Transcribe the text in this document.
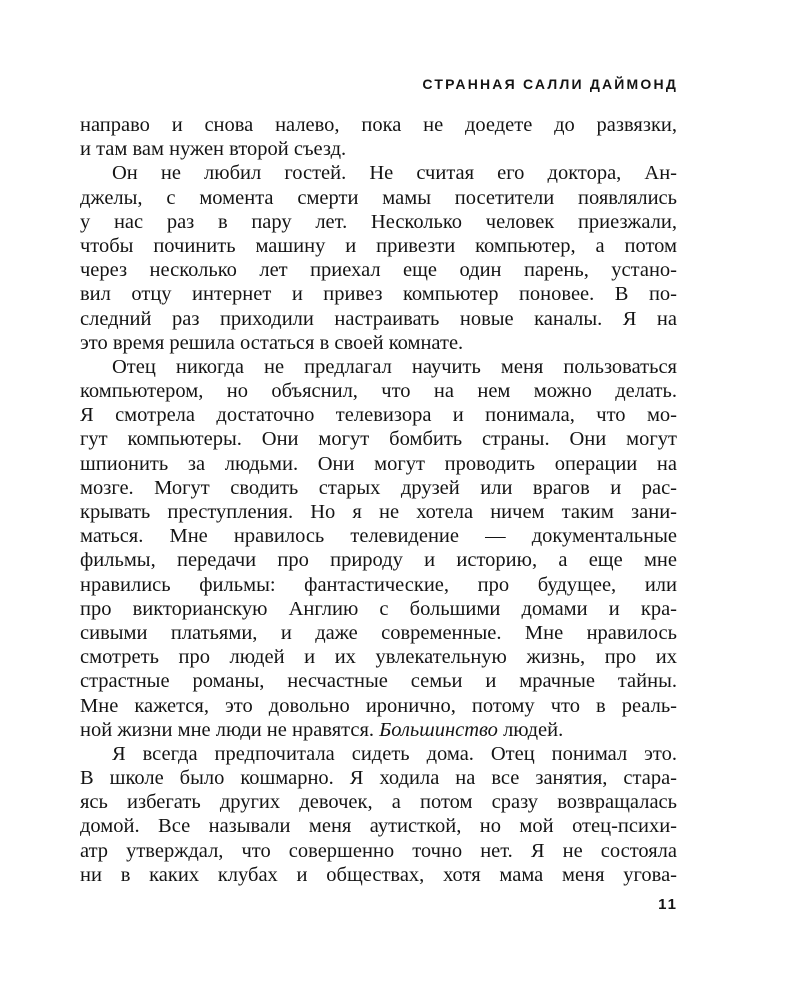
СТРАННАЯ САЛЛИ ДАЙМОНД
направо и снова налево, пока не доедете до развязки,
и там вам нужен второй съезд.
Он не любил гостей. Не считая его доктора, Ан-
джелы, с момента смерти мамы посетители появлялись
у нас раз в пару лет. Несколько человек приезжали,
чтобы починить машину и привезти компьютер, а потом
через несколько лет приехал еще один парень, устано-
вил отцу интернет и привез компьютер поновее. В по-
следний раз приходили настраивать новые каналы. Я на
это время решила остаться в своей комнате.
Отец никогда не предлагал научить меня пользоваться
компьютером, но объяснил, что на нем можно делать.
Я смотрела достаточно телевизора и понимала, что мо-
гут компьютеры. Они могут бомбить страны. Они могут
шпионить за людьми. Они могут проводить операции на
мозге. Могут сводить старых друзей или врагов и рас-
крывать преступления. Но я не хотела ничем таким зани-
маться. Мне нравилось телевидение — документальные
фильмы, передачи про природу и историю, а еще мне
нравились фильмы: фантастические, про будущее, или
про викторианскую Англию с большими домами и кра-
сивыми платьями, и даже современные. Мне нравилось
смотреть про людей и их увлекательную жизнь, про их
страстные романы, несчастные семьи и мрачные тайны.
Мне кажется, это довольно иронично, потому что в реаль-
ной жизни мне люди не нравятся. Большинство людей.
Я всегда предпочитала сидеть дома. Отец понимал это.
В школе было кошмарно. Я ходила на все занятия, стара-
ясь избегать других девочек, а потом сразу возвращалась
домой. Все называли меня аутисткой, но мой отец-психи-
атр утверждал, что совершенно точно нет. Я не состояла
ни в каких клубах и обществах, хотя мама меня угова-
11
